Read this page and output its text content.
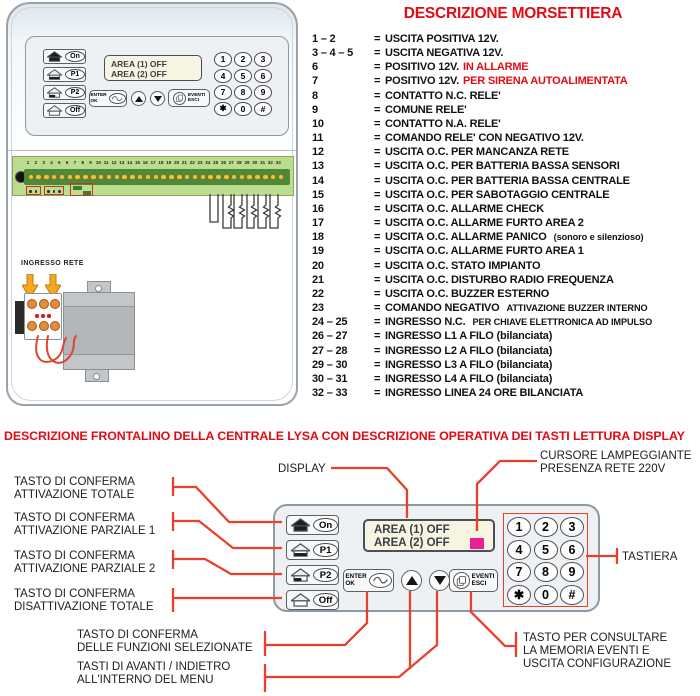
On
P1
P2
Off
AREA (1) OFF
AREA (2) OFF
ENTER
OK
EVENTI
ESCI
1	2	3
4	5	6
7	8	9
✱	0	#
1	2	3	4	5	6	7	8	9 10 11 12 13 14 15 16 17 18 19 20 21 22 23 24 25 26 27 28 29 30 31 32 33
INGRESSO RETE
DESCRIZIONE MORSETTIERA
1 – 2	= USCITA POSITIVA 12V.
3 – 4 – 5	= USCITA NEGATIVA 12V.
6	= POSITIVO 12V. IN ALLARME
7	= POSITIVO 12V. PER SIRENA AUTOALIMENTATA
8	= CONTATTO N.C. RELE'
9	= COMUNE RELE'
10	= CONTATTO N.A. RELE'
11	= COMANDO RELE' CON NEGATIVO 12V.
12	= USCITA O.C. PER MANCANZA RETE
13	= USCITA O.C. PER BATTERIA BASSA SENSORI
14	= USCITA O.C. PER BATTERIA BASSA CENTRALE
15	= USCITA O.C. PER SABOTAGGIO CENTRALE
16	= USCITA O.C. ALLARME CHECK
17	= USCITA O.C. ALLARME FURTO AREA 2
18	= USCITA O.C. ALLARME PANICO (sonoro e silenzioso)
19	= USCITA O.C. ALLARME FURTO AREA 1
20	= USCITA O.C. STATO IMPIANTO
21	= USCITA O.C. DISTURBO RADIO FREQUENZA
22	= USCITA O.C. BUZZER ESTERNO
23	= COMANDO NEGATIVO ATTIVAZIONE BUZZER INTERNO
24 – 25	= INGRESSO N.C. PER CHIAVE ELETTRONICA AD IMPULSO
26 – 27	= INGRESSO L1 A FILO (bilanciata)
27 – 28	= INGRESSO L2 A FILO (bilanciata)
29 – 30	= INGRESSO L3 A FILO (bilanciata)
30 – 31	= INGRESSO L4 A FILO (bilanciata)
32 – 33	= INGRESSO LINEA 24 ORE BILANCIATA
DESCRIZIONE FRONTALINO DELLA CENTRALE LYSA CON DESCRIZIONE OPERATIVA DEI TASTI LETTURA DISPLAY
TASTO DI CONFERMA
ATTIVAZIONE TOTALE
TASTO DI CONFERMA
ATTIVAZIONE PARZIALE 1
TASTO DI CONFERMA
ATTIVAZIONE PARZIALE 2
TASTO DI CONFERMA
DISATTIVAZIONE TOTALE
DISPLAY
CURSORE LAMPEGGIANTE
PRESENZA RETE 220V
TASTIERA
TASTO DI CONFERMA
DELLE FUNZIONI SELEZIONATE
TASTI DI AVANTI / INDIETRO
ALL'INTERNO DEL MENU
TASTO PER CONSULTARE
LA MEMORIA EVENTI E
USCITA CONFIGURAZIONE
On
P1
P2
Off
AREA (1) OFF
AREA (2) OFF
ENTER
OK
EVENTI
ESCI
1	2	3
4	5	6
7	8	9
✱	0	#
